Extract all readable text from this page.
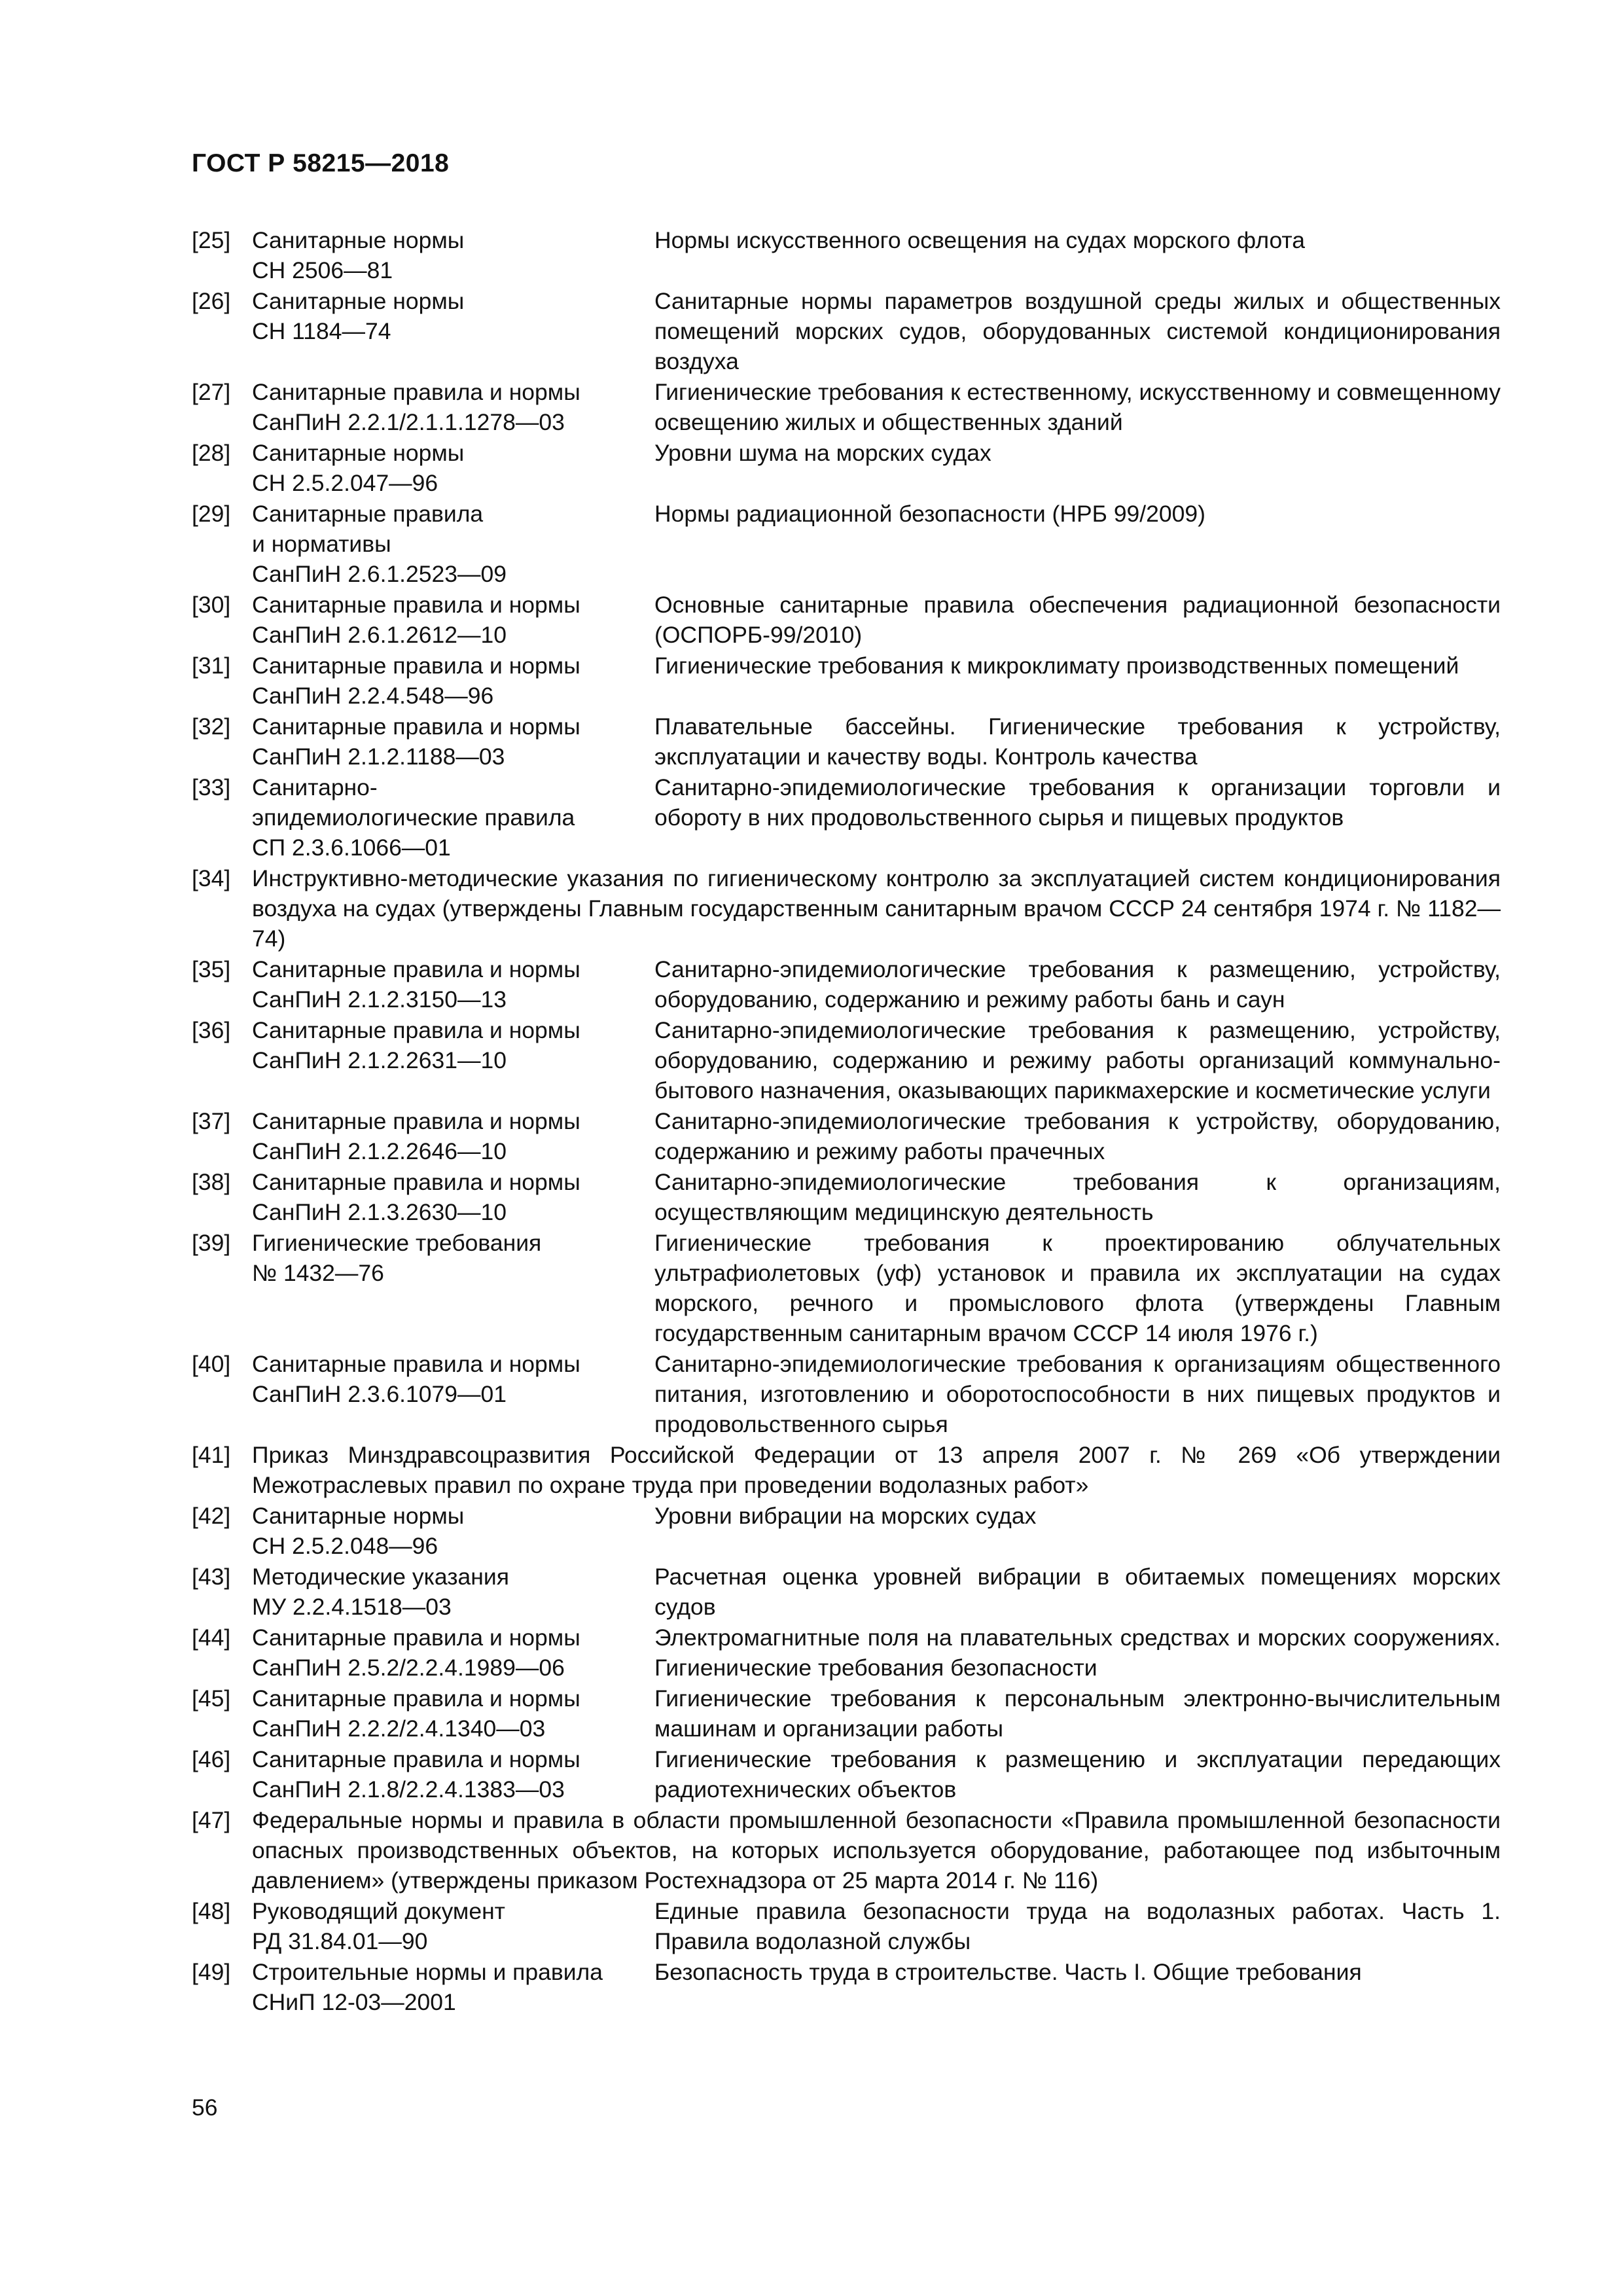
ГОСТ Р 58215—2018
[25] Санитарные нормы
СН 2506—81
Нормы искусственного освещения на судах морского флота
[26] Санитарные нормы
СН 1184—74
Санитарные нормы параметров воздушной среды жилых и общественных помещений морских судов, оборудованных системой кондиционирования воздуха
[27] Санитарные правила и нормы
СанПиН 2.2.1/2.1.1.1278—03
Гигиенические требования к естественному, искусственному и совмещенному освещению жилых и общественных зданий
[28] Санитарные нормы
СН 2.5.2.047—96
Уровни шума на морских судах
[29] Санитарные правила
и нормативы
СанПиН 2.6.1.2523—09
Нормы радиационной безопасности (НРБ 99/2009)
[30] Санитарные правила и нормы
СанПиН 2.6.1.2612—10
Основные санитарные правила обеспечения радиационной безопасности (ОСПОРБ-99/2010)
[31] Санитарные правила и нормы
СанПиН 2.2.4.548—96
Гигиенические требования к микроклимату производственных помещений
[32] Санитарные правила и нормы
СанПиН 2.1.2.1188—03
Плавательные бассейны. Гигиенические требования к устройству, эксплуатации и качеству воды. Контроль качества
[33] Санитарно-
эпидемиологические правила
СП 2.3.6.1066—01
Санитарно-эпидемиологические требования к организации торговли и обороту в них продовольственного сырья и пищевых продуктов
[34] Инструктивно-методические указания по гигиеническому контролю за эксплуатацией систем кондиционирования воздуха на судах (утверждены Главным государственным санитарным врачом СССР 24 сентября 1974 г. № 1182—74)
[35] Санитарные правила и нормы
СанПиН 2.1.2.3150—13
Санитарно-эпидемиологические требования к размещению, устройству, оборудованию, содержанию и режиму работы бань и саун
[36] Санитарные правила и нормы
СанПиН 2.1.2.2631—10
Санитарно-эпидемиологические требования к размещению, устройству, оборудованию, содержанию и режиму работы организаций коммунально-бытового назначения, оказывающих парикмахерские и косметические услуги
[37] Санитарные правила и нормы
СанПиН 2.1.2.2646—10
Санитарно-эпидемиологические требования к устройству, оборудованию, содержанию и режиму работы прачечных
[38] Санитарные правила и нормы
СанПиН 2.1.3.2630—10
Санитарно-эпидемиологические требования к организациям, осуществляющим медицинскую деятельность
[39] Гигиенические требования
№ 1432—76
Гигиенические требования к проектированию облучательных ультрафиолетовых (уф) установок и правила их эксплуатации на судах морского, речного и промыслового флота (утверждены Главным государственным санитарным врачом СССР 14 июля 1976 г.)
[40] Санитарные правила и нормы
СанПиН 2.3.6.1079—01
Санитарно-эпидемиологические требования к организациям общественного питания, изготовлению и оборотоспособности в них пищевых продуктов и продовольственного сырья
[41] Приказ Минздравсоцразвития Российской Федерации от 13 апреля 2007 г. № 269 «Об утверждении Межотраслевых правил по охране труда при проведении водолазных работ»
[42] Санитарные нормы
СН 2.5.2.048—96
Уровни вибрации на морских судах
[43] Методические указания
МУ 2.2.4.1518—03
Расчетная оценка уровней вибрации в обитаемых помещениях морских судов
[44] Санитарные правила и нормы
СанПиН 2.5.2/2.2.4.1989—06
Электромагнитные поля на плавательных средствах и морских сооружениях. Гигиенические требования безопасности
[45] Санитарные правила и нормы
СанПиН 2.2.2/2.4.1340—03
Гигиенические требования к персональным электронно-вычислительным машинам и организации работы
[46] Санитарные правила и нормы
СанПиН 2.1.8/2.2.4.1383—03
Гигиенические требования к размещению и эксплуатации передающих радиотехнических объектов
[47] Федеральные нормы и правила в области промышленной безопасности «Правила промышленной безопасности опасных производственных объектов, на которых используется оборудование, работающее под избыточным давлением» (утверждены приказом Ростехнадзора от 25 марта 2014 г. № 116)
[48] Руководящий документ
РД 31.84.01—90
Единые правила безопасности труда на водолазных работах. Часть 1. Правила водолазной службы
[49] Строительные нормы и правила
СНиП 12-03—2001
Безопасность труда в строительстве. Часть I. Общие требования
56
